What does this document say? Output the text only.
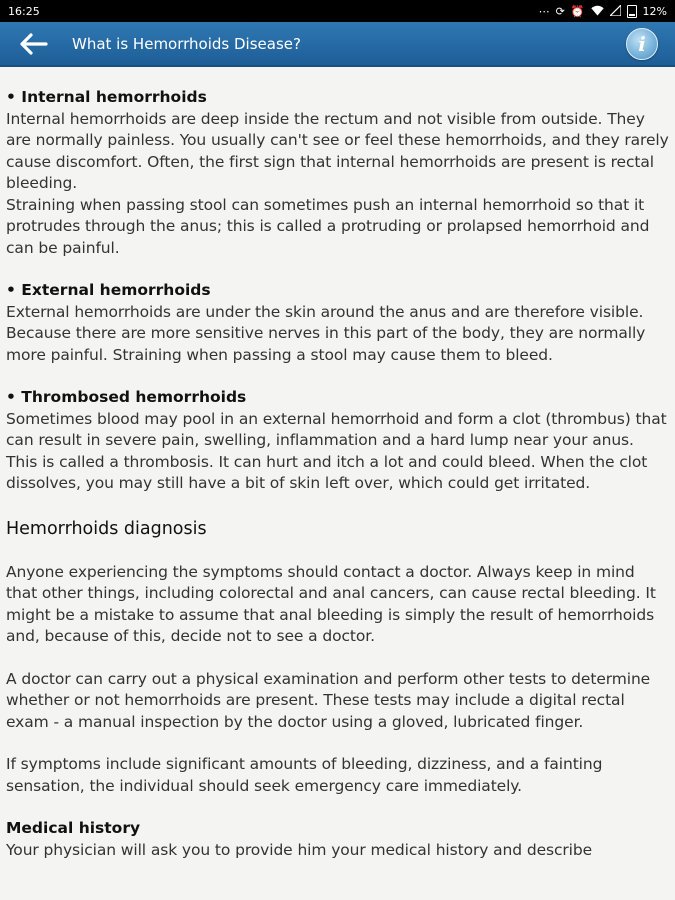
16:25	⋯ ⟳ ⏰	12%
What is Hemorrhoids Disease?	i
• Internal hemorrhoids
Internal hemorrhoids are deep inside the rectum and not visible from outside. They are normally painless. You usually can't see or feel these hemorrhoids, and they rarely cause discomfort. Often, the first sign that internal hemorrhoids are present is rectal bleeding.
Straining when passing stool can sometimes push an internal hemorrhoid so that it protrudes through the anus; this is called a protruding or prolapsed hemorrhoid and can be painful.
• External hemorrhoids
External hemorrhoids are under the skin around the anus and are therefore visible. Because there are more sensitive nerves in this part of the body, they are normally more painful. Straining when passing a stool may cause them to bleed.
• Thrombosed hemorrhoids
Sometimes blood may pool in an external hemorrhoid and form a clot (thrombus) that can result in severe pain, swelling, inflammation and a hard lump near your anus. This is called a thrombosis. It can hurt and itch a lot and could bleed. When the clot dissolves, you may still have a bit of skin left over, which could get irritated.
Hemorrhoids diagnosis
Anyone experiencing the symptoms should contact a doctor. Always keep in mind that other things, including colorectal and anal cancers, can cause rectal bleeding. It might be a mistake to assume that anal bleeding is simply the result of hemorrhoids and, because of this, decide not to see a doctor.
A doctor can carry out a physical examination and perform other tests to determine whether or not hemorrhoids are present. These tests may include a digital rectal exam - a manual inspection by the doctor using a gloved, lubricated finger.
If symptoms include significant amounts of bleeding, dizziness, and a fainting sensation, the individual should seek emergency care immediately.
Medical history
Your physician will ask you to provide him your medical history and describe
